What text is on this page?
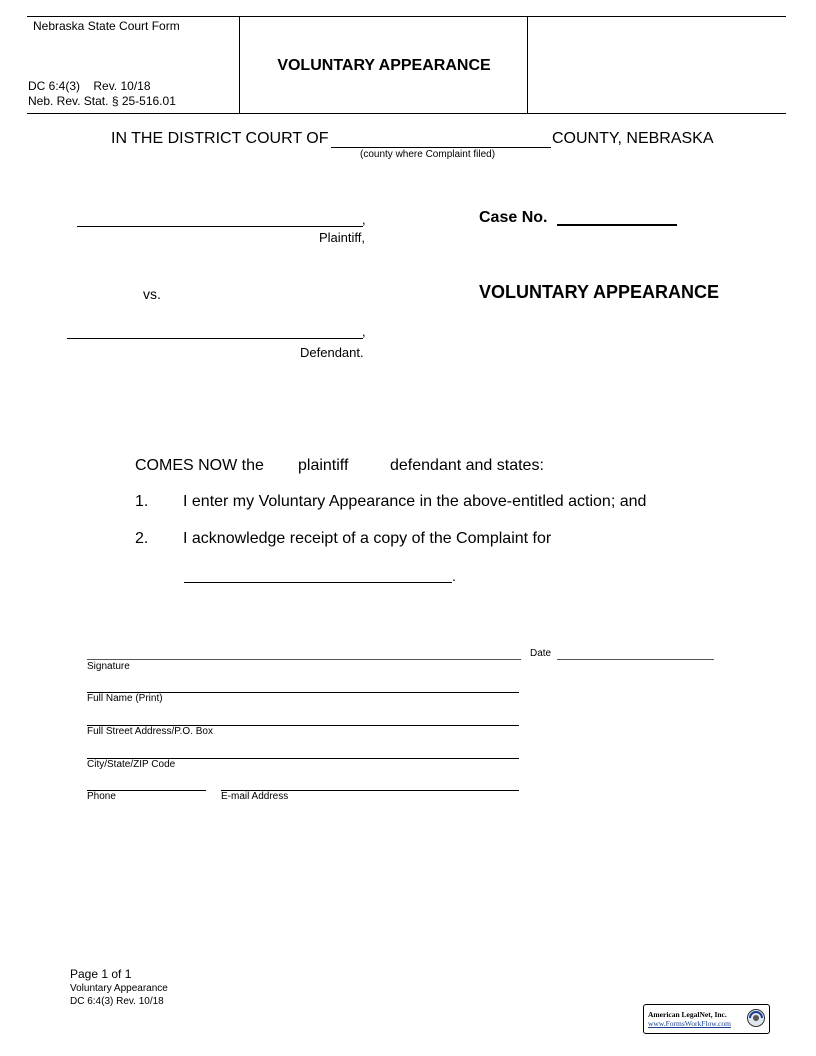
Nebraska State Court Form
DC 6:4(3)    Rev. 10/18
Neb. Rev. Stat. § 25-516.01
VOLUNTARY APPEARANCE
IN THE DISTRICT COURT OF	COUNTY, NEBRASKA
(county where Complaint filed)
,
Plaintiff,
Case No.
vs.	VOLUNTARY APPEARANCE
,
Defendant.
COMES NOW the plaintiff	defendant and states:
1. I enter my Voluntary Appearance in the above-entitled action; and
2. I acknowledge receipt of a copy of the Complaint for
.
Signature
Date
Full Name (Print)
Full Street Address/P.O. Box
City/State/ZIP Code
Phone	E-mail Address
Page 1 of 1
Voluntary Appearance
DC 6:4(3) Rev. 10/18
American LegalNet, Inc.
www.FormsWorkFlow.com
